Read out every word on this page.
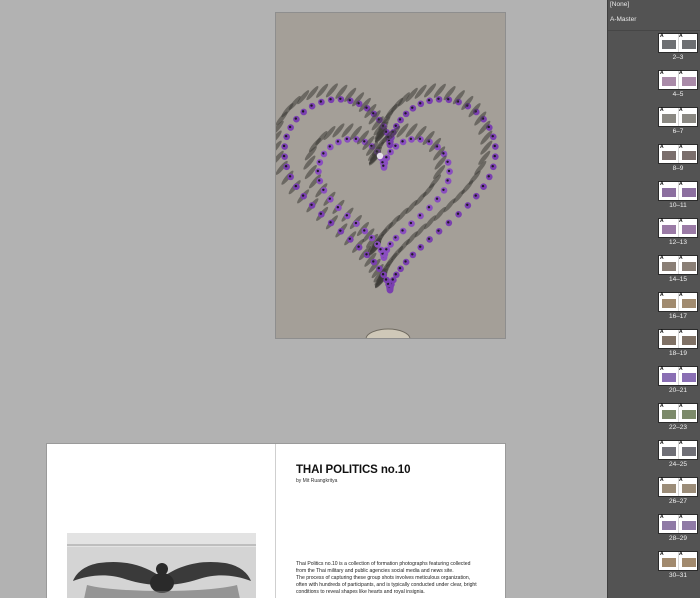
THAI POLITICS no.10
by Mit Ruangkritya

Thai Politics no.10 is a collection of formation photographs featuring collected

from the Thai military and public agencies social media and news site.

The process of capturing these group shots involves meticulous organization,

often with hundreds of participants, and is typically conducted under clear, bright

conditions to reveal shapes like hearts and royal insignia.

[None]
A-Master
A	A
2–3
A	A
4–5
A	A
6–7
A	A
8–9
A	A
10–11
A	A
12–13
A	A
14–15
A	A
16–17
A	A
18–19
A	A
20–21
A	A
22–23
A	A
24–25
A	A
26–27
A	A
28–29
A	A
30–31
